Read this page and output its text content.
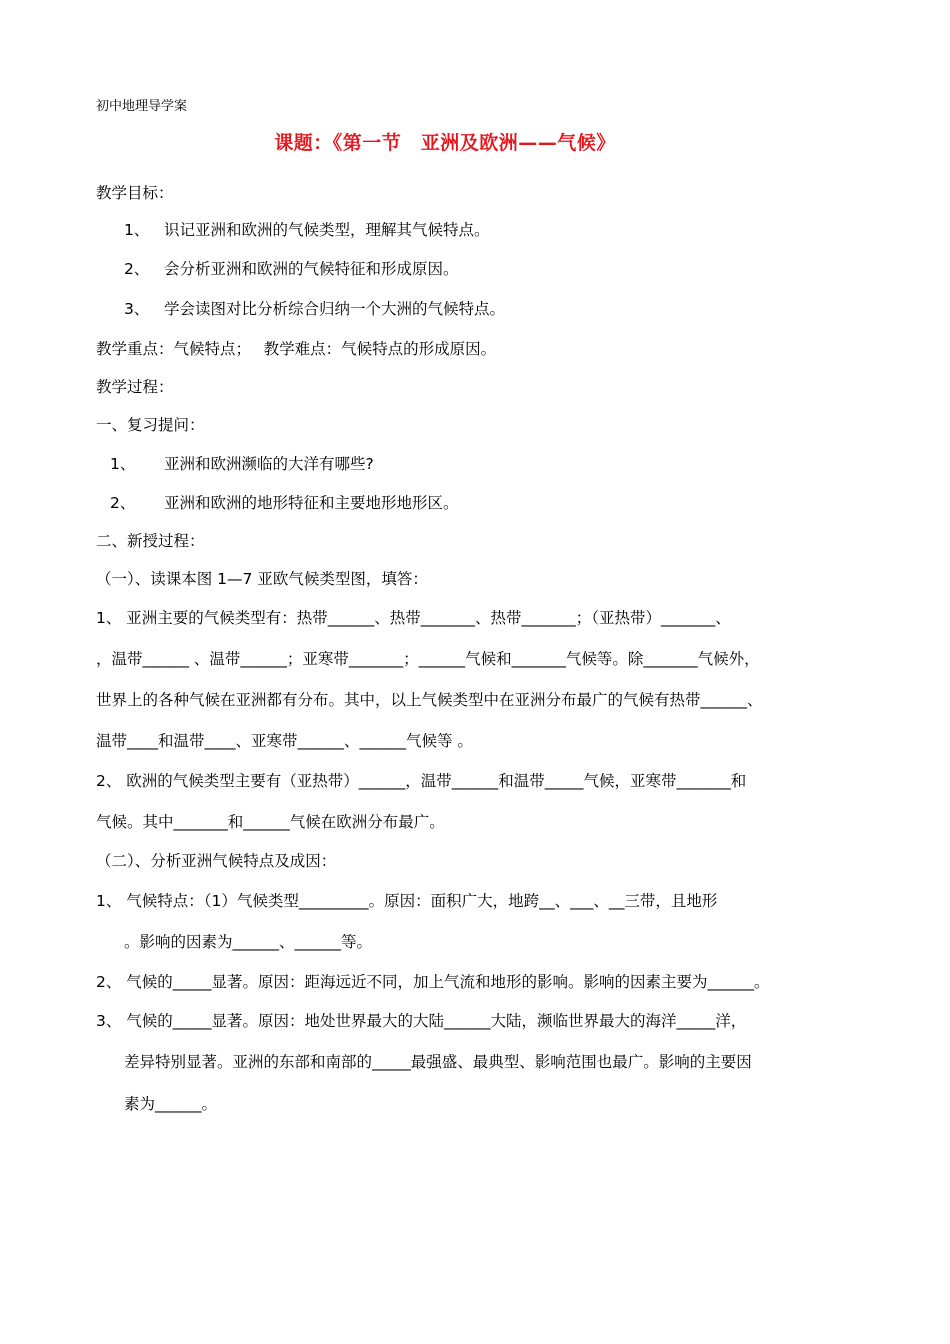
初中地理导学案
课题：《第一节　亚洲及欧洲——气候》
教学目标：
1、 识记亚洲和欧洲的气候类型，理解其气候特点。
2、 会分析亚洲和欧洲的气候特征和形成原因。
3、 学会读图对比分析综合归纳一个大洲的气候特点。
教学重点：气候特点；　 教学难点：气候特点的形成原因。
教学过程：
一、复习提问：
1、 亚洲和欧洲濒临的大洋有哪些?
2、 亚洲和欧洲的地形特征和主要地形地形区。
二、新授过程：
（一）、读课本图 1—7 亚欧气候类型图，填答：
1、 亚洲主要的气候类型有：热带______、热带_______、热带_______；（亚热带）_______、
，温带______ 、温带______；亚寒带_______；______气候和_______气候等。除_______气候外，
世界上的各种气候在亚洲都有分布。其中，以上气候类型中在亚洲分布最广的气候有热带______、
温带____和温带____、亚寒带______、______气候等 。
2、 欧洲的气候类型主要有（亚热带）______，温带______和温带_____气候，亚寒带_______和
气候。其中_______和______气候在欧洲分布最广。
（二）、分析亚洲气候特点及成因：
1、 气候特点：（1）气候类型_________。原因：面积广大，地跨__、___、__三带，且地形
。影响的因素为______、______等。
2、 气候的_____显著。原因：距海远近不同，加上气流和地形的影响。影响的因素主要为______。
3、 气候的_____显著。原因：地处世界最大的大陆______大陆，濒临世界最大的海洋_____洋，
差异特别显著。亚洲的东部和南部的_____最强盛、最典型、影响范围也最广。影响的主要因
素为______。
